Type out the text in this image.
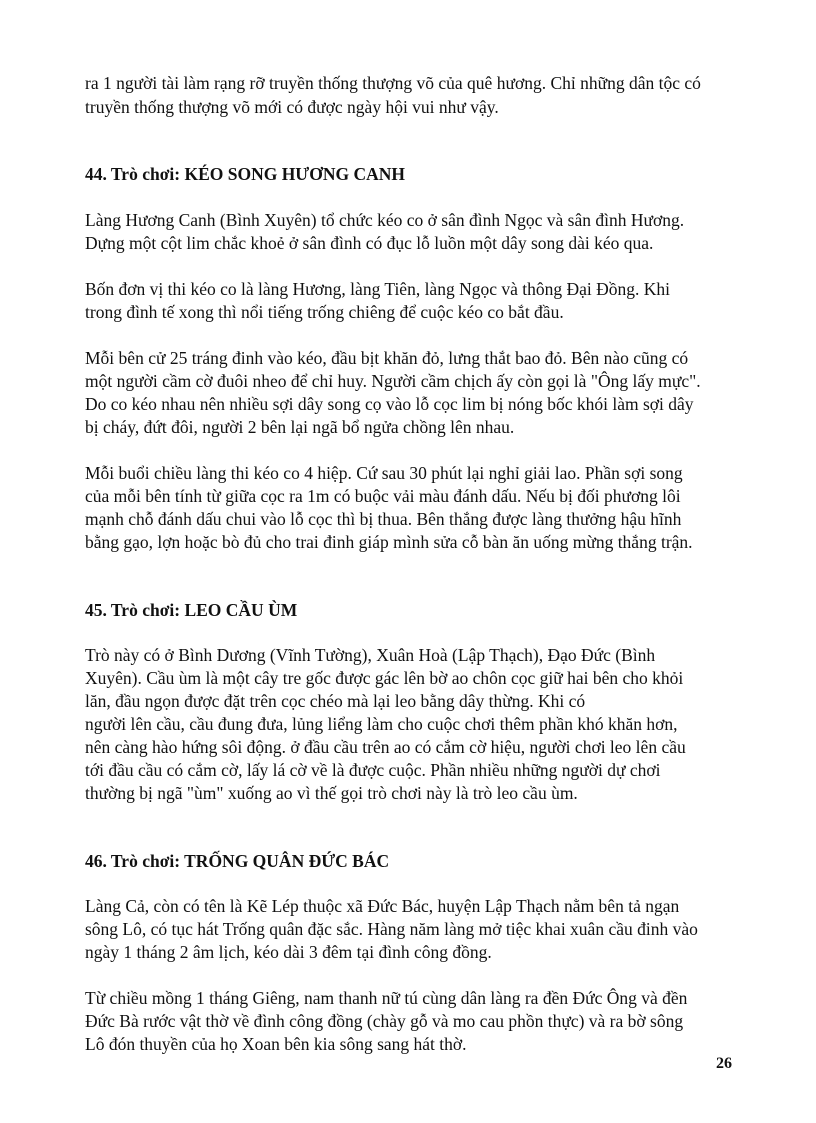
ra 1 người tài làm rạng rỡ truyền thống thượng võ của quê hương. Chỉ những dân tộc có
truyền thống thượng võ mới có được ngày hội vui như vậy.
44. Trò chơi: KÉO SONG HƯƠNG CANH
Làng Hương Canh (Bình Xuyên) tổ chức kéo co ở sân đình Ngọc và sân đình Hương.
Dựng một cột lim chắc khoẻ ở sân đình có đục lỗ luồn một dây song dài kéo qua.
Bốn đơn vị thi kéo co là làng Hương, làng Tiên, làng Ngọc và thông Đại Đồng. Khi
trong đình tế xong thì nổi tiếng trống chiêng để cuộc kéo co bắt đầu.
Mỗi bên cử 25 tráng đinh vào kéo, đầu bịt khăn đỏ, lưng thắt bao đỏ. Bên nào cũng có
một người cầm cờ đuôi nheo để chỉ huy. Người cầm chịch ấy còn gọi là "Ông lấy mực".
Do co kéo nhau nên nhiều sợi dây song cọ vào lỗ cọc lim bị nóng bốc khói làm sợi dây
bị cháy, đứt đôi, người 2 bên lại ngã bổ ngửa chồng lên nhau.
Mỗi buổi chiều làng thi kéo co 4 hiệp. Cứ sau 30 phút lại nghỉ giải lao. Phần sợi song
của mỗi bên tính từ giữa cọc ra 1m có buộc vải màu đánh dấu. Nếu bị đối phương lôi
mạnh chỗ đánh dấu chui vào lỗ cọc thì bị thua. Bên thắng được làng thưởng hậu hĩnh
bằng gạo, lợn hoặc bò đủ cho trai đinh giáp mình sửa cỗ bàn ăn uống mừng thắng trận.
45. Trò chơi: LEO CẦU ÙM
Trò này có ở Bình Dương (Vĩnh Tường), Xuân Hoà (Lập Thạch), Đạo Đức (Bình
Xuyên). Cầu ùm là một cây tre gốc được gác lên bờ ao chôn cọc giữ hai bên cho khỏi
lăn, đầu ngọn được đặt trên cọc chéo mà lại leo bằng dây thừng. Khi có
người lên cầu, cầu đung đưa, lủng liểng làm cho cuộc chơi thêm phần khó khăn hơn,
nên càng hào hứng sôi động. ở đầu cầu trên ao có cắm cờ hiệu, người chơi leo lên cầu
tới đầu cầu có cắm cờ, lấy lá cờ về là được cuộc. Phần nhiều những người dự chơi
thường bị ngã "ùm" xuống ao vì thế gọi trò chơi này là trò leo cầu ùm.
46. Trò chơi: TRỐNG QUÂN ĐỨC BÁC
Làng Cả, còn có tên là Kẽ Lép thuộc xã Đức Bác, huyện Lập Thạch nằm bên tả ngạn
sông Lô, có tục hát Trống quân đặc sắc. Hàng năm làng mở tiệc khai xuân cầu đinh vào
ngày 1 tháng 2 âm lịch, kéo dài 3 đêm tại đình công đồng.
Từ chiều mồng 1 tháng Giêng, nam thanh nữ tú cùng dân làng ra đền Đức Ông và đền
Đức Bà rước vật thờ về đình công đồng (chày gỗ và mo cau phồn thực) và ra bờ sông
Lô đón thuyền của họ Xoan bên kia sông sang hát thờ.
26
